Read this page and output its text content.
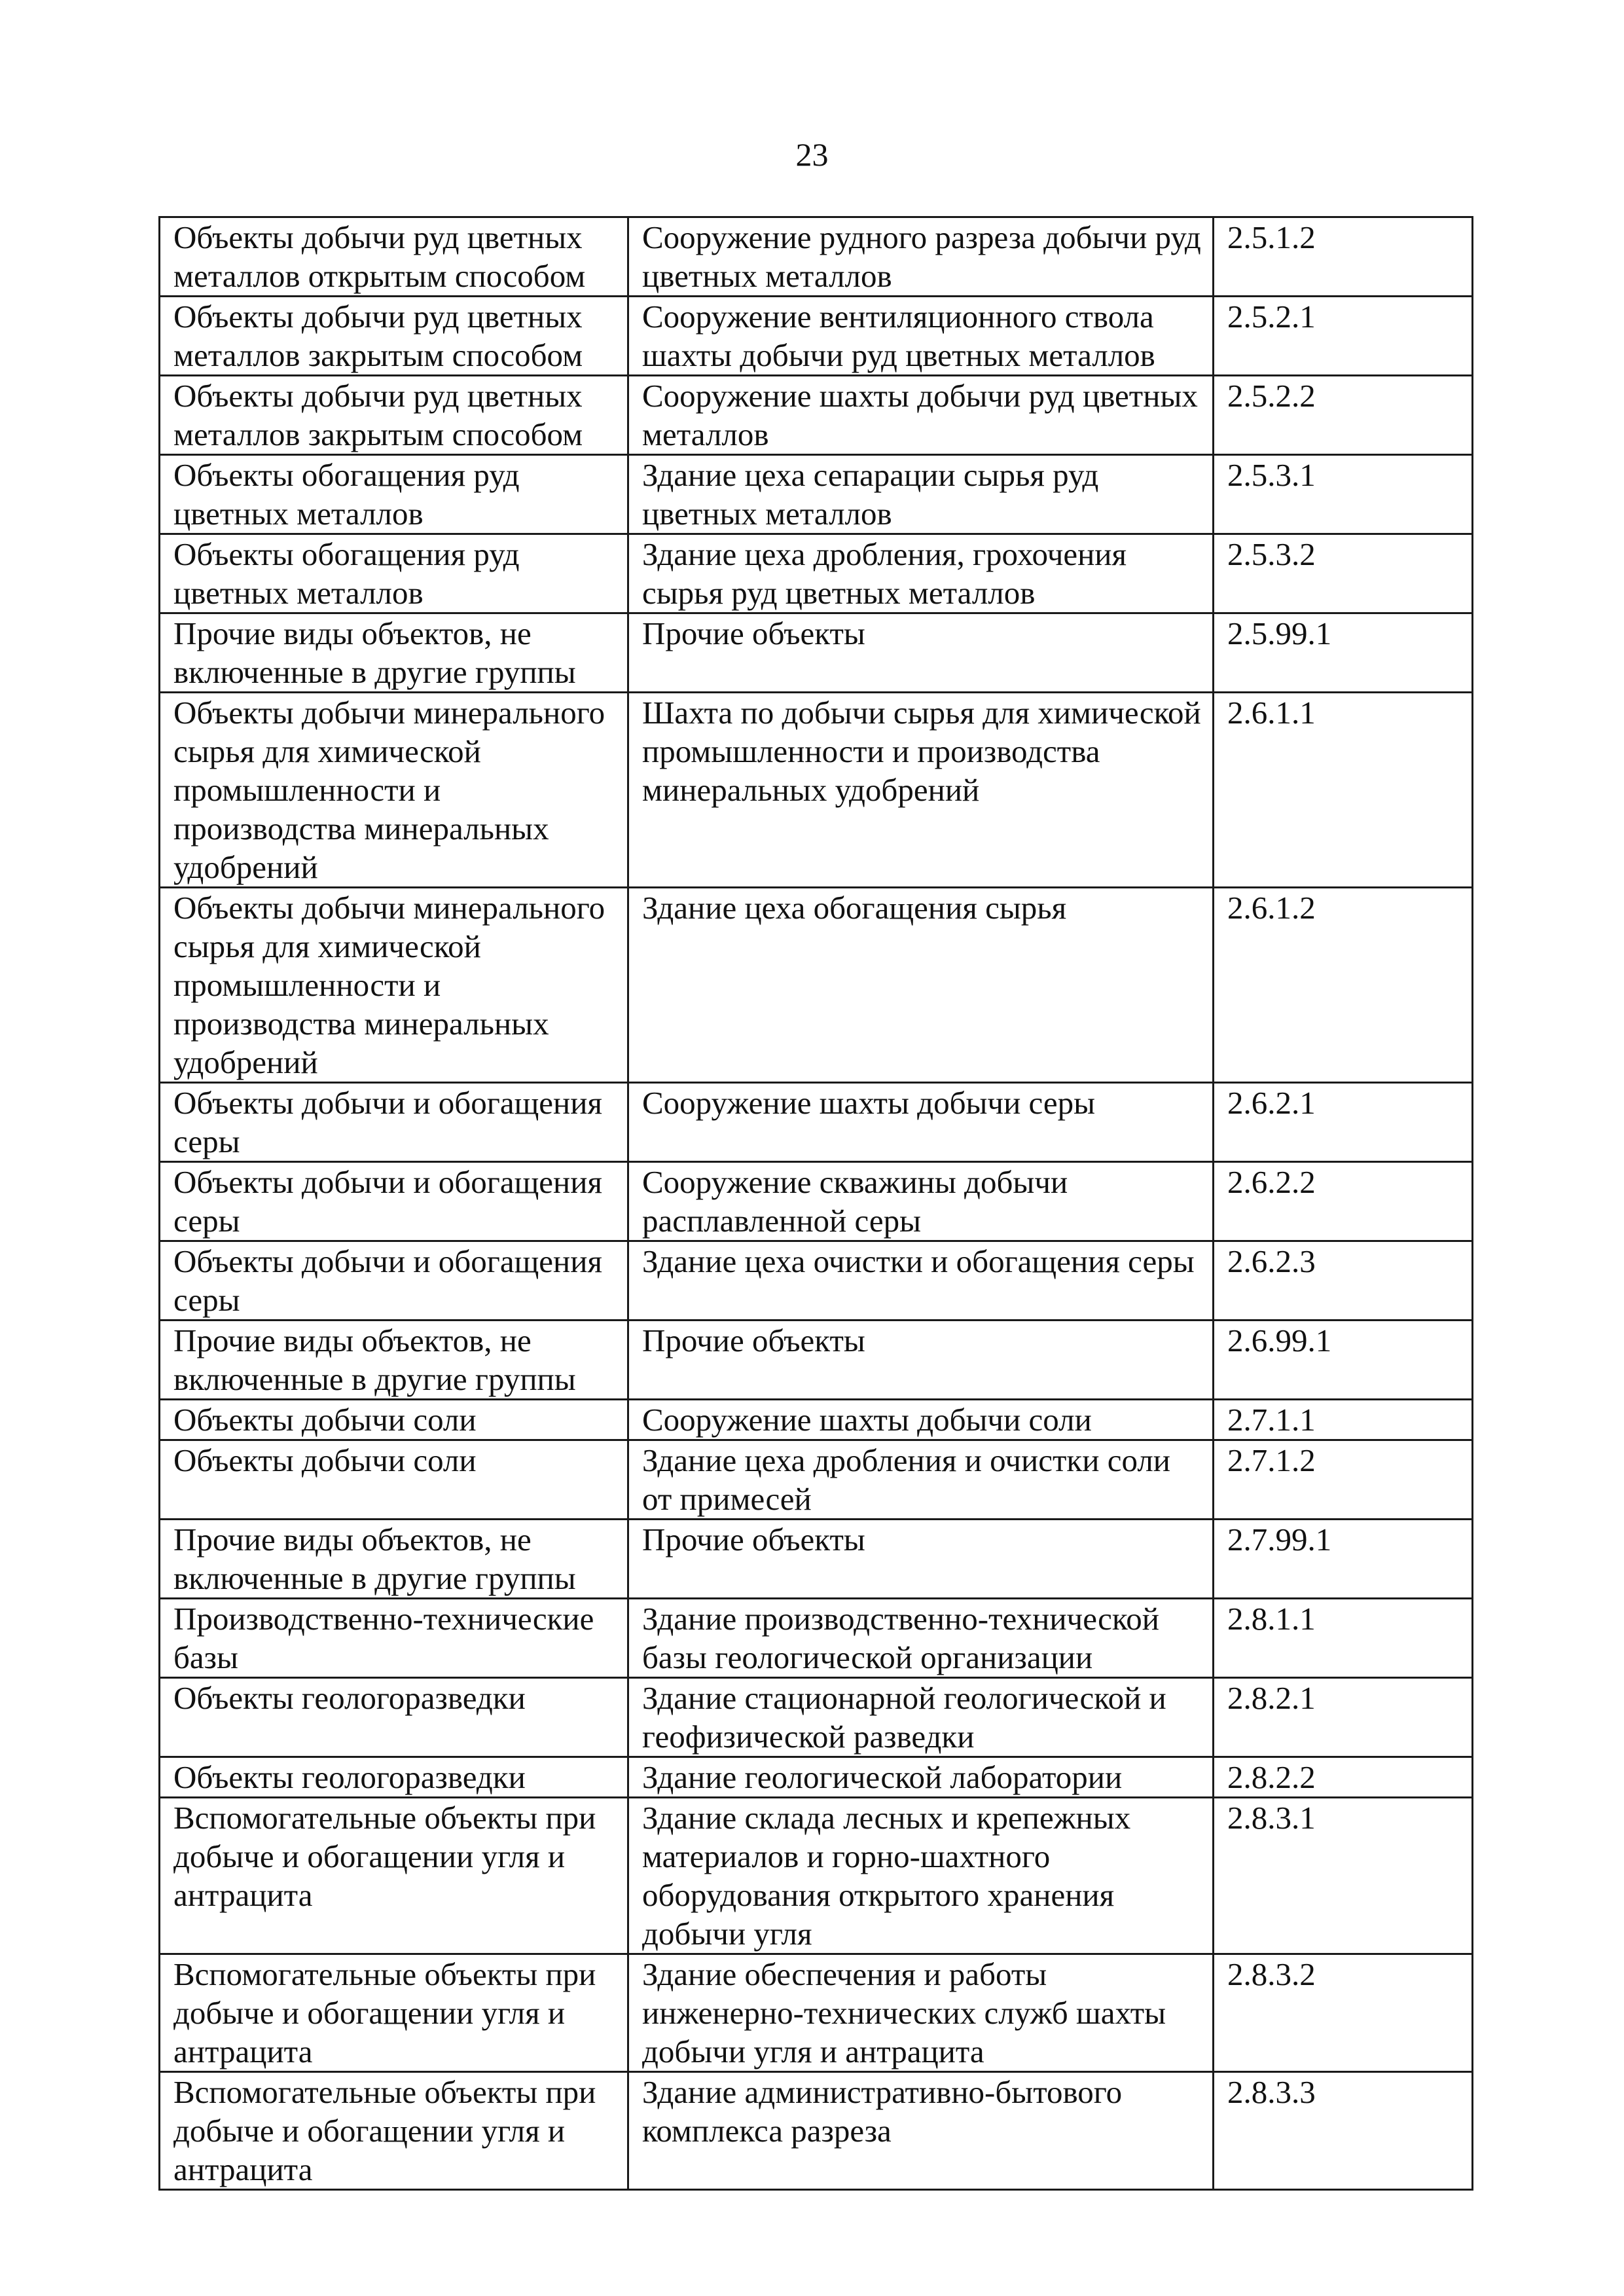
23
Объекты добычи руд цветных металлов открытым способом	Сооружение рудного разреза добычи руд цветных металлов	2.5.1.2
Объекты добычи руд цветных металлов закрытым способом	Сооружение вентиляционного ствола шахты добычи руд цветных металлов	2.5.2.1
Объекты добычи руд цветных металлов закрытым способом	Сооружение шахты добычи руд цветных металлов	2.5.2.2
Объекты обогащения руд цветных металлов	Здание цеха сепарации сырья руд цветных металлов	2.5.3.1
Объекты обогащения руд цветных металлов	Здание цеха дробления, грохочения сырья руд цветных металлов	2.5.3.2
Прочие виды объектов, не включенные в другие группы	Прочие объекты	2.5.99.1
Объекты добычи минерального сырья для химической промышленности и производства минеральных удобрений	Шахта по добычи сырья для химической промышленности и производства минеральных удобрений	2.6.1.1
Объекты добычи минерального сырья для химической промышленности и производства минеральных удобрений	Здание цеха обогащения сырья	2.6.1.2
Объекты добычи и обогащения серы	Сооружение шахты добычи серы	2.6.2.1
Объекты добычи и обогащения серы	Сооружение скважины добычи расплавленной серы	2.6.2.2
Объекты добычи и обогащения серы	Здание цеха очистки и обогащения серы	2.6.2.3
Прочие виды объектов, не включенные в другие группы	Прочие объекты	2.6.99.1
Объекты добычи соли	Сооружение шахты добычи соли	2.7.1.1
Объекты добычи соли	Здание цеха дробления и очистки соли от примесей	2.7.1.2
Прочие виды объектов, не включенные в другие группы	Прочие объекты	2.7.99.1
Производственно-технические базы	Здание производственно-технической базы геологической организации	2.8.1.1
Объекты геологоразведки	Здание стационарной геологической и геофизической разведки	2.8.2.1
Объекты геологоразведки	Здание геологической лаборатории	2.8.2.2
Вспомогательные объекты при добыче и обогащении угля и антрацита	Здание склада лесных и крепежных материалов и горно-шахтного оборудования открытого хранения добычи угля	2.8.3.1
Вспомогательные объекты при добыче и обогащении угля и антрацита	Здание обеспечения и работы инженерно-технических служб шахты добычи угля и антрацита	2.8.3.2
Вспомогательные объекты при добыче и обогащении угля и антрацита	Здание административно-бытового комплекса разреза	2.8.3.3
